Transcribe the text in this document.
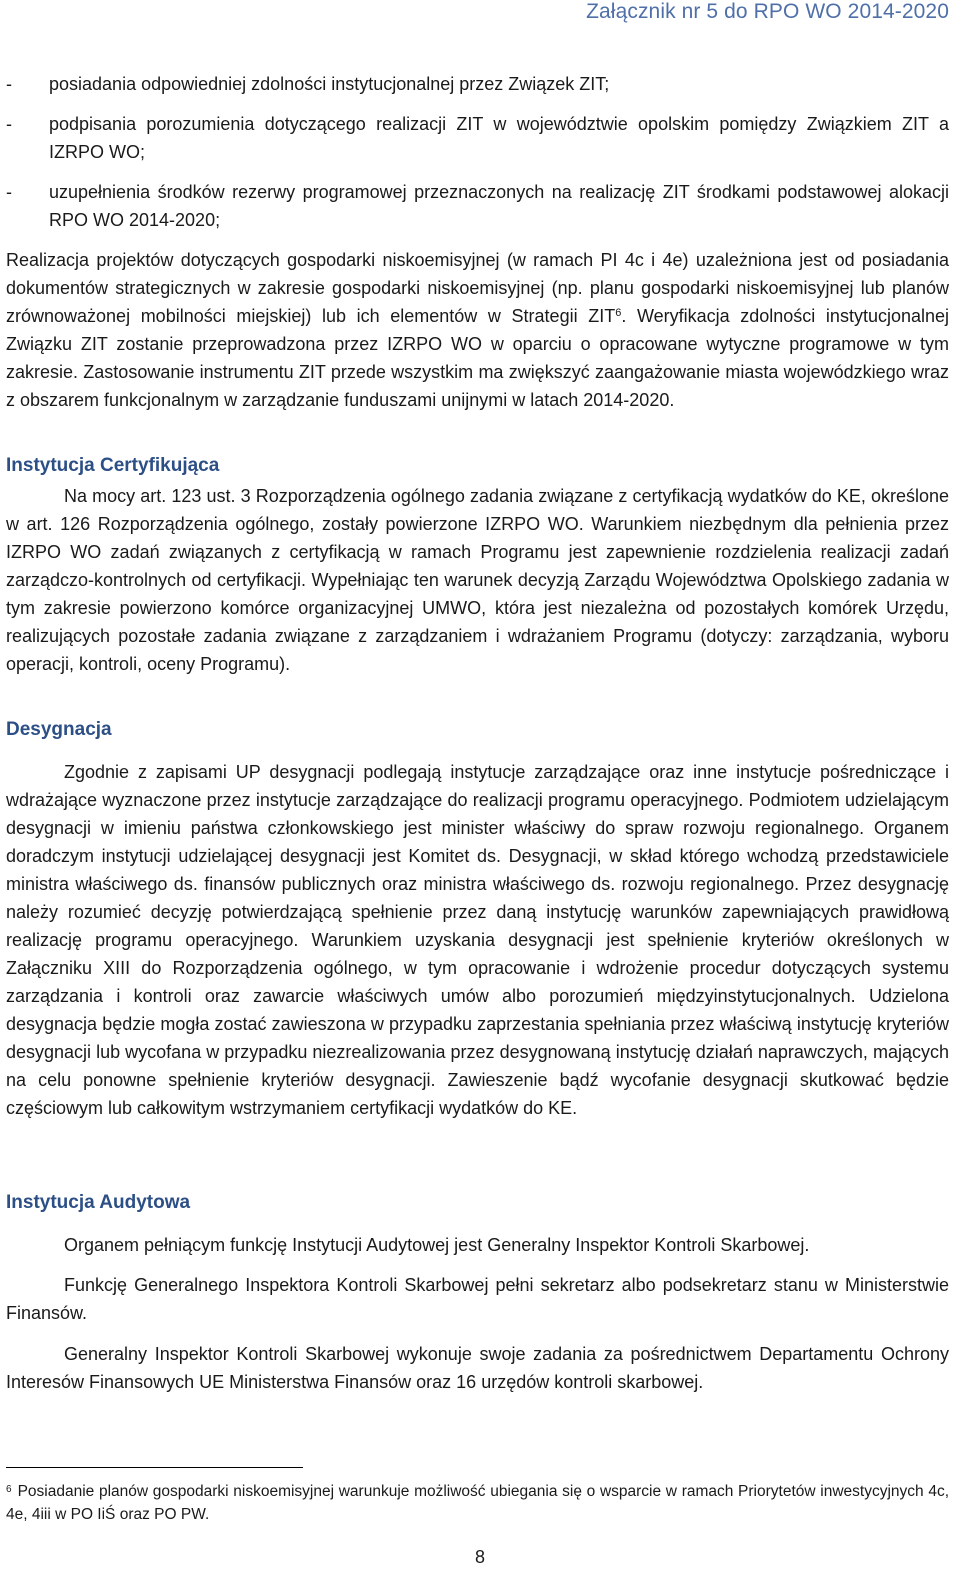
Załącznik nr 5 do RPO WO 2014-2020
-	posiadania odpowiedniej zdolności instytucjonalnej przez Związek ZIT;
-	podpisania porozumienia dotyczącego realizacji ZIT w województwie opolskim pomiędzy Związkiem ZIT a IZRPO WO;
-	uzupełnienia środków rezerwy programowej przeznaczonych na realizację ZIT środkami podstawowej alokacji RPO WO 2014-2020;
Realizacja projektów dotyczących gospodarki niskoemisyjnej (w ramach PI 4c i 4e) uzależniona jest od posiadania dokumentów strategicznych w zakresie gospodarki niskoemisyjnej (np. planu gospodarki niskoemisyjnej lub planów zrównoważonej mobilności miejskiej) lub ich elementów w Strategii ZIT$^6$. Weryfikacja zdolności instytucjonalnej Związku ZIT zostanie przeprowadzona przez IZRPO WO w oparciu o opracowane wytyczne programowe w tym zakresie. Zastosowanie instrumentu ZIT przede wszystkim ma zwiększyć zaangażowanie miasta wojewódzkiego wraz z obszarem funkcjonalnym w zarządzanie funduszami unijnymi w latach 2014-2020.
Instytucja Certyfikująca
Na mocy art. 123 ust. 3 Rozporządzenia ogólnego zadania związane z certyfikacją wydatków do KE, określone w art. 126 Rozporządzenia ogólnego, zostały powierzone IZRPO WO. Warunkiem niezbędnym dla pełnienia przez IZRPO WO zadań związanych z certyfikacją w ramach Programu jest zapewnienie rozdzielenia realizacji zadań zarządczo-kontrolnych od certyfikacji. Wypełniając ten warunek decyzją Zarządu Województwa Opolskiego zadania w tym zakresie powierzono komórce organizacyjnej UMWO, która jest niezależna od pozostałych komórek Urzędu, realizujących pozostałe zadania związane z zarządzaniem i wdrażaniem Programu (dotyczy: zarządzania, wyboru operacji, kontroli, oceny Programu).
Desygnacja
Zgodnie z zapisami UP desygnacji podlegają instytucje zarządzające oraz inne instytucje pośredniczące i wdrażające wyznaczone przez instytucje zarządzające do realizacji programu operacyjnego. Podmiotem udzielającym desygnacji w imieniu państwa członkowskiego jest minister właściwy do spraw rozwoju regionalnego. Organem doradczym instytucji udzielającej desygnacji jest Komitet ds. Desygnacji, w skład którego wchodzą przedstawiciele ministra właściwego ds. finansów publicznych oraz ministra właściwego ds. rozwoju regionalnego. Przez desygnację należy rozumieć decyzję potwierdzającą spełnienie przez daną instytucję warunków zapewniających prawidłową realizację programu operacyjnego. Warunkiem uzyskania desygnacji jest spełnienie kryteriów określonych w Załączniku XIII do Rozporządzenia ogólnego, w tym opracowanie i wdrożenie procedur dotyczących systemu zarządzania i kontroli oraz zawarcie właściwych umów albo porozumień międzyinstytucjonalnych. Udzielona desygnacja będzie mogła zostać zawieszona w przypadku zaprzestania spełniania przez właściwą instytucję kryteriów desygnacji lub wycofana w przypadku niezrealizowania przez desygnowaną instytucję działań naprawczych, mających na celu ponowne spełnienie kryteriów desygnacji. Zawieszenie bądź wycofanie desygnacji skutkować będzie częściowym lub całkowitym wstrzymaniem certyfikacji wydatków do KE.
Instytucja Audytowa
Organem pełniącym funkcję Instytucji Audytowej jest Generalny Inspektor Kontroli Skarbowej.
Funkcję Generalnego Inspektora Kontroli Skarbowej pełni sekretarz albo podsekretarz stanu w Ministerstwie Finansów.
Generalny Inspektor Kontroli Skarbowej wykonuje swoje zadania za pośrednictwem Departamentu Ochrony Interesów Finansowych UE Ministerstwa Finansów oraz 16 urzędów kontroli skarbowej.
$^6$ Posiadanie planów gospodarki niskoemisyjnej warunkuje możliwość ubiegania się o wsparcie w ramach Priorytetów inwestycyjnych 4c, 4e, 4iii w PO IiŚ oraz PO PW.
8
